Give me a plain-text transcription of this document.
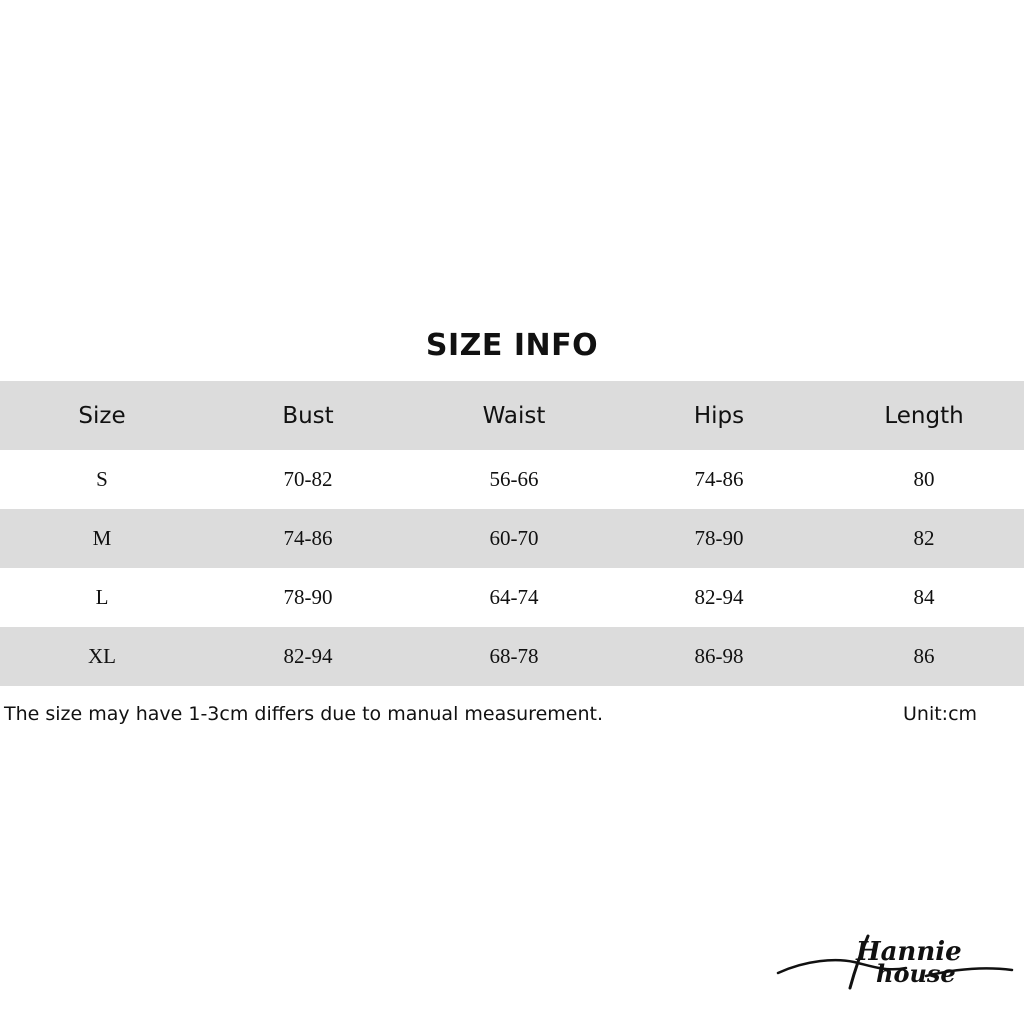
SIZE INFO
Size	Bust	Waist	Hips	Length
S	70-82	56-66	74-86	80
M	74-86	60-70	78-90	82
L	78-90	64-74	82-94	84
XL	82-94	68-78	86-98	86
The size may have 1-3cm differs due to manual measurement.	Unit:cm
Hannie
house
